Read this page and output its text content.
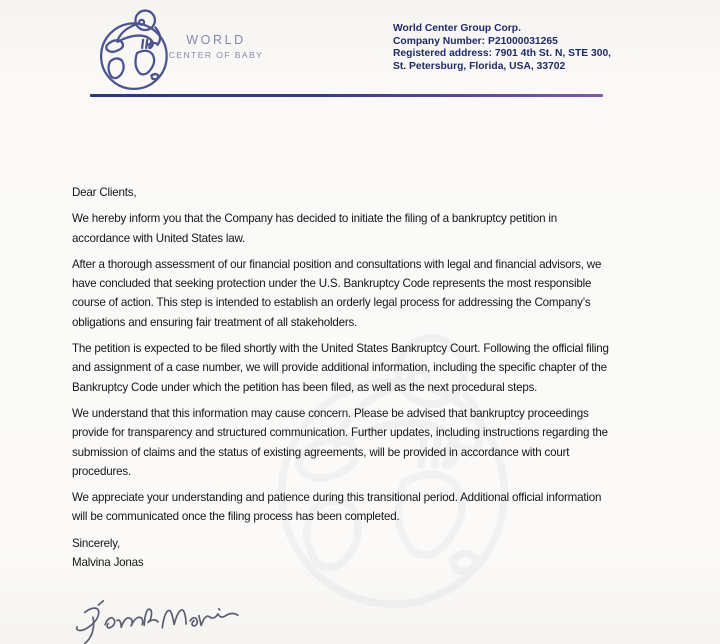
WORLD
CENTER OF BABY
World Center Group Corp.
Company Number: P21000031265
Registered address: 7901 4th St. N, STE 300,
St. Petersburg, Florida, USA, 33702

Dear Clients,

We hereby inform you that the Company has decided to initiate the filing of a bankruptcy petition in accordance with United States law.

After a thorough assessment of our financial position and consultations with legal and financial advisors, we have concluded that seeking protection under the U.S. Bankruptcy Code represents the most responsible course of action. This step is intended to establish an orderly legal process for addressing the Company’s obligations and ensuring fair treatment of all stakeholders.

The petition is expected to be filed shortly with the United States Bankruptcy Court. Following the official filing and assignment of a case number, we will provide additional information, including the specific chapter of the Bankruptcy Code under which the petition has been filed, as well as the next procedural steps.

We understand that this information may cause concern. Please be advised that bankruptcy proceedings provide for transparency and structured communication. Further updates, including instructions regarding the submission of claims and the status of existing agreements, will be provided in accordance with court procedures.

We appreciate your understanding and patience during this transitional period. Additional official information will be communicated once the filing process has been completed.

Sincerely,
Malvina Jonas
